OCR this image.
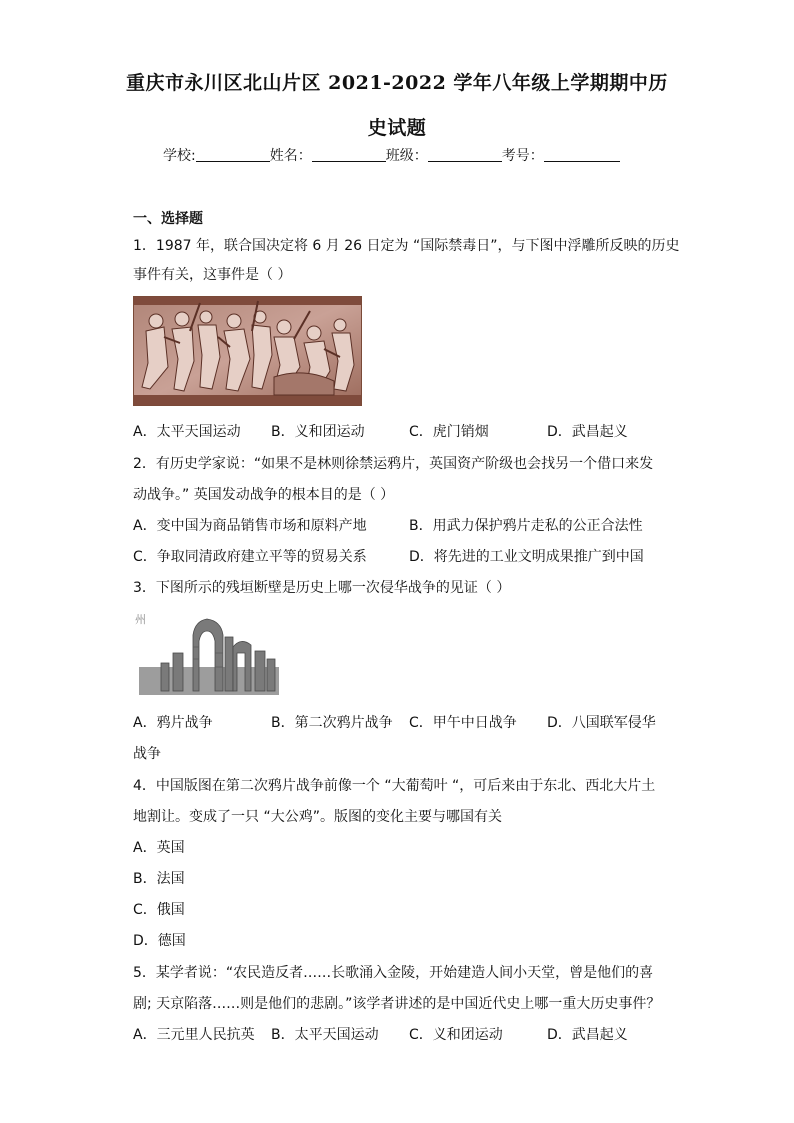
重庆市永川区北山片区 2021-2022 学年八年级上学期期中历
史试题
学校:	姓名：	班级：	考号：
一、选择题
1．1987 年，联合国决定将 6 月 26 日定为 “国际禁毒日”，与下图中浮雕所反映的历史
事件有关，这事件是（ ）
A．太平天国运动 B．义和团运动	C．虎门销烟	D．武昌起义
2．有历史学家说：“如果不是林则徐禁运鸦片，英国资产阶级也会找另一个借口来发
动战争。” 英国发动战争的根本目的是（ ）
A．变中国为商品销售市场和原料产地	B．用武力保护鸦片走私的公正合法性
C．争取同清政府建立平等的贸易关系	D．将先进的工业文明成果推广到中国
3．下图所示的残垣断壁是历史上哪一次侵华战争的见证（ ）
州
A．鸦片战争	B．第二次鸦片战争 C．甲午中日战争 D．八国联军侵华
战争
4．中国版图在第二次鸦片战争前像一个 “大葡萄叶 “，可后来由于东北、西北大片土
地割让。变成了一只 “大公鸡”。版图的变化主要与哪国有关
A．英国
B．法国
C．俄国
D．德国
5．某学者说：“农民造反者……长歌涌入金陵，开始建造人间小天堂，曾是他们的喜
剧; 天京陷落……则是他们的悲剧。”该学者讲述的是中国近代史上哪一重大历史事件？
A．三元里人民抗英 B．太平天国运动 C．义和团运动	D．武昌起义
